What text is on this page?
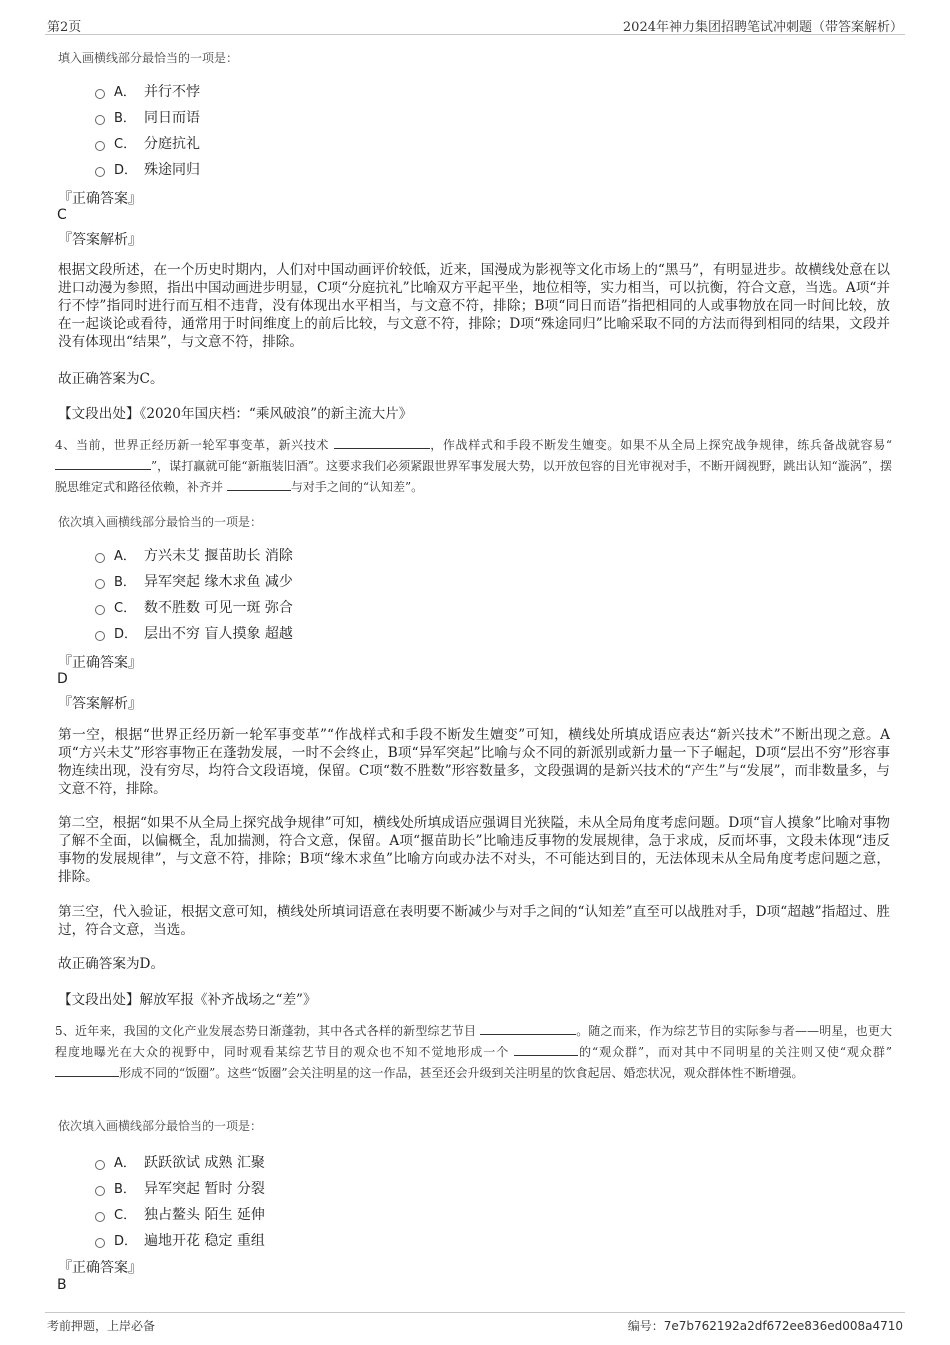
第2页	2024年神力集团招聘笔试冲刺题（带答案解析）
填入画横线部分最恰当的一项是：
A． 并行不悖
B． 同日而语
C． 分庭抗礼
D． 殊途同归
『正确答案』
C
『答案解析』
根据文段所述，在一个历史时期内，人们对中国动画评价较低，近来，国漫成为影视等文化市场上的“黑马”，有明显进步。故横线处意在以进口动漫为参照，指出中国动画进步明显，C项“分庭抗礼”比喻双方平起平坐，地位相等，实力相当，可以抗衡，符合文意，当选。A项“并行不悖”指同时进行而互相不违背，没有体现出水平相当，与文意不符，排除；B项“同日而语”指把相同的人或事物放在同一时间比较，放在一起谈论或看待，通常用于时间维度上的前后比较，与文意不符，排除；D项“殊途同归”比喻采取不同的方法而得到相同的结果，文段并没有体现出“结果”，与文意不符，排除。
故正确答案为C。
【文段出处】《2020年国庆档：“乘风破浪”的新主流大片》
4、当前，世界正经历新一轮军事变革，新兴技术	，作战样式和手段不断发生嬗变。如果不从全局上探究战争规律，练兵备战就容易“ ”，谋打赢就可能“新瓶装旧酒”。这要求我们必须紧跟世界军事发展大势，以开放包容的目光审视对手，不断开阔视野，跳出认知“漩涡”，摆脱思维定式和路径依赖，补齐并	与对手之间的“认知差”。
依次填入画横线部分最恰当的一项是：
A． 方兴未艾 揠苗助长 消除
B． 异军突起 缘木求鱼 减少
C． 数不胜数 可见一斑 弥合
D． 层出不穷 盲人摸象 超越
『正确答案』
D
『答案解析』
第一空，根据“世界正经历新一轮军事变革”“作战样式和手段不断发生嬗变”可知，横线处所填成语应表达“新兴技术”不断出现之意。A项“方兴未艾”形容事物正在蓬勃发展，一时不会终止，B项“异军突起”比喻与众不同的新派别或新力量一下子崛起，D项“层出不穷”形容事物连续出现，没有穷尽，均符合文段语境，保留。C项“数不胜数”形容数量多，文段强调的是新兴技术的“产生”与“发展”，而非数量多，与文意不符，排除。
第二空，根据“如果不从全局上探究战争规律”可知，横线处所填成语应强调目光狭隘，未从全局角度考虑问题。D项“盲人摸象”比喻对事物了解不全面，以偏概全，乱加揣测，符合文意，保留。A项“揠苗助长”比喻违反事物的发展规律，急于求成，反而坏事，文段未体现“违反事物的发展规律”，与文意不符，排除；B项“缘木求鱼”比喻方向或办法不对头，不可能达到目的，无法体现未从全局角度考虑问题之意，排除。
第三空，代入验证，根据文意可知，横线处所填词语意在表明要不断减少与对手之间的“认知差”直至可以战胜对手，D项“超越”指超过、胜过，符合文意，当选。
故正确答案为D。
【文段出处】解放军报《补齐战场之“差”》
5、近年来，我国的文化产业发展态势日渐蓬勃，其中各式各样的新型综艺节目	。随之而来，作为综艺节目的实际参与者——明星，也更大程度地曝光在大众的视野中，同时观看某综艺节目的观众也不知不觉地形成一个	的“观众群”，而对其中不同明星的关注则又使“观众群” 形成不同的“饭圈”。这些“饭圈”会关注明星的这一作品，甚至还会升级到关注明星的饮食起居、婚恋状况，观众群体性不断增强。
依次填入画横线部分最恰当的一项是：
A． 跃跃欲试 成熟 汇聚
B． 异军突起 暂时 分裂
C． 独占鳌头 陌生 延伸
D． 遍地开花 稳定 重组
『正确答案』
B
考前押题，上岸必备	编号：7e7b762192a2df672ee836ed008a4710
